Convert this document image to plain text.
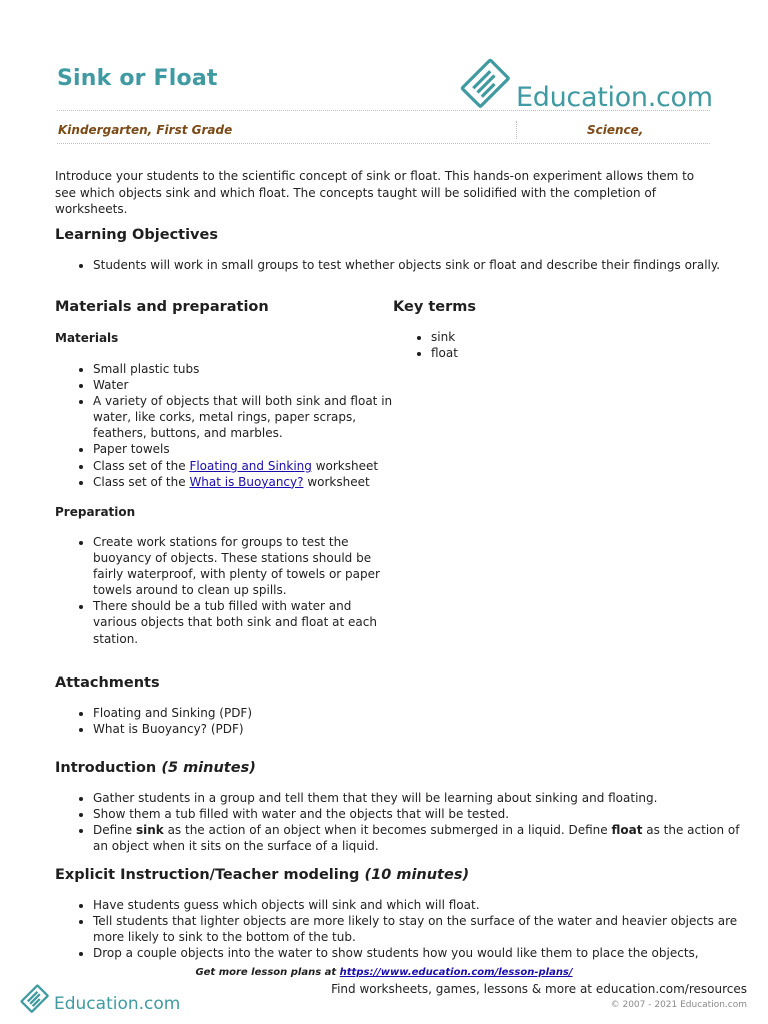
Sink or Float
Education.com
Kindergarten, First Grade	Science,

Introduce your students to the scientific concept of sink or float. This hands-on experiment allows them to see which objects sink and which float. The concepts taught will be solidified with the completion of worksheets.

Learning Objectives
• Students will work in small groups to test whether objects sink or float and describe their findings orally.
Materials and preparation
Materials
• Small plastic tubs
• Water
• A variety of objects that will both sink and float in water, like corks, metal rings, paper scraps, feathers, buttons, and marbles.
• Paper towels
• Class set of the Floating and Sinking worksheet
• Class set of the What is Buoyancy? worksheet
Preparation
• Create work stations for groups to test the buoyancy of objects. These stations should be fairly waterproof, with plenty of towels or paper towels around to clean up spills.
• There should be a tub filled with water and various objects that both sink and float at each station.
Key terms
• sink
• float
Attachments
• Floating and Sinking (PDF)
• What is Buoyancy? (PDF)
Introduction (5 minutes)
• Gather students in a group and tell them that they will be learning about sinking and floating.
• Show them a tub filled with water and the objects that will be tested.
• Define sink as the action of an object when it becomes submerged in a liquid. Define float as the action of an object when it sits on the surface of a liquid.
Explicit Instruction/Teacher modeling (10 minutes)
• Have students guess which objects will sink and which will float.
• Tell students that lighter objects are more likely to stay on the surface of the water and heavier objects are more likely to sink to the bottom of the tub.
• Drop a couple objects into the water to show students how you would like them to place the objects,
Get more lesson plans at https://www.education.com/lesson-plans/
Education.com
Find worksheets, games, lessons & more at education.com/resources
© 2007 - 2021 Education.com
